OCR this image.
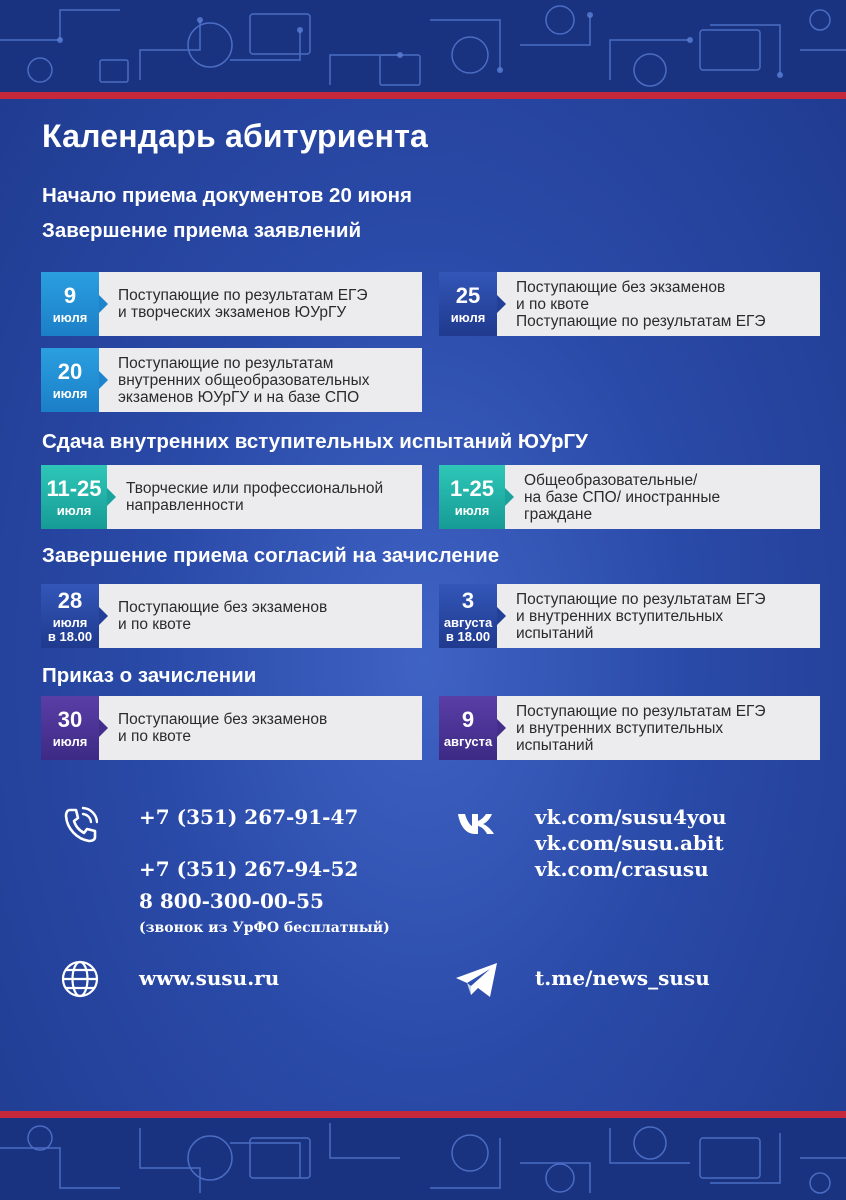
Календарь абитуриента
Начало приема документов 20 июня
Завершение приема заявлений
9
июля
Поступающие по результатам ЕГЭ
и творческих экзаменов ЮУрГУ
25
июля
Поступающие без экзаменов
и по квоте
Поступающие по результатам ЕГЭ
20
июля
Поступающие по результатам
внутренних общеобразовательных
экзаменов ЮУрГУ и на базе СПО
Сдача внутренних вступительных испытаний ЮУрГУ
11-25
июля
Творческие или профессиональной
направленности
1-25
июля
Общеобразовательные/
на базе СПО/ иностранные
граждане
Завершение приема согласий на зачисление
28
июля
в 18.00
Поступающие без экзаменов
и по квоте
3
августа
в 18.00
Поступающие по результатам ЕГЭ
и внутренних вступительных
испытаний
Приказ о зачислении
30
июля
Поступающие без экзаменов
и по квоте
9
августа
Поступающие по результатам ЕГЭ
и внутренних вступительных
испытаний
+7 (351) 267-91-47
+7 (351) 267-94-52
8 800-300-00-55
(звонок из УрФО бесплатный)
vk.com/susu4you
vk.com/susu.abit
vk.com/crasusu
www.susu.ru	t.me/news_susu
